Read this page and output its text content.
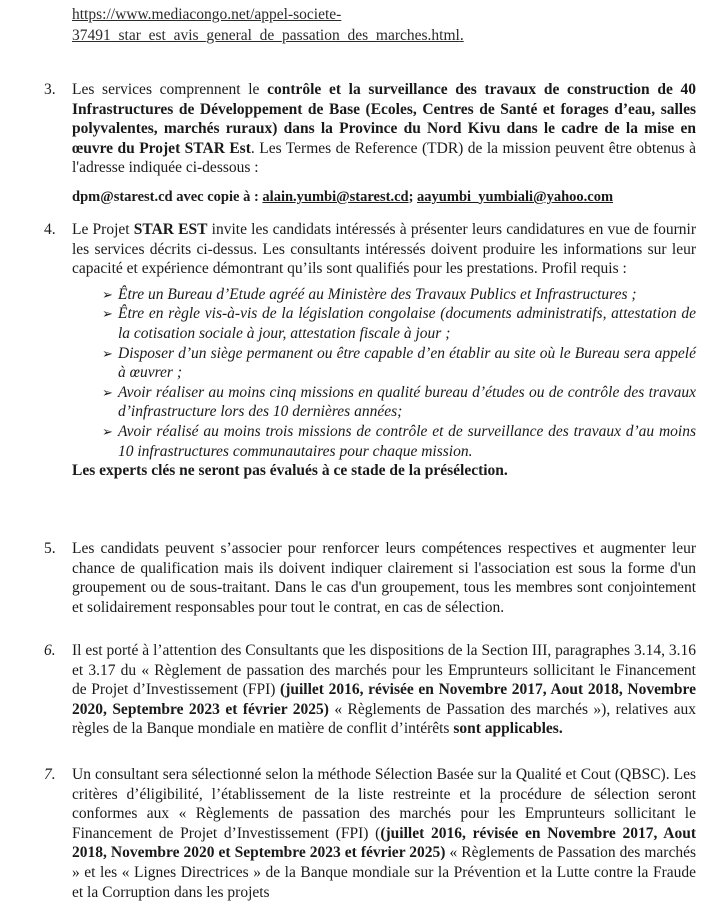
https://www.mediacongo.net/appel-societe-
37491_star_est_avis_general_de_passation_des_marches.html.
3.	Les services comprennent le contrôle et la surveillance des travaux de construction de 40 Infrastructures de Développement de Base (Ecoles, Centres de Santé et forages d’eau, salles polyvalentes, marchés ruraux) dans la Province du Nord Kivu dans le cadre de la mise en œuvre du Projet STAR Est. Les Termes de Reference (TDR) de la mission peuvent être obtenus à l'adresse indiquée ci-dessous :

dpm@starest.cd avec copie à : alain.yumbi@starest.cd; aayumbi_yumbiali@yahoo.com
4.	Le Projet STAR EST invite les candidats intéressés à présenter leurs candidatures en vue de fournir les services décrits ci-dessus. Les consultants intéressés doivent produire les informations sur leur capacité et expérience démontrant qu’ils sont qualifiés pour les prestations. Profil requis :

➢ Être un Bureau d’Etude agréé au Ministère des Travaux Publics et Infrastructures ;
➢ Être en règle vis-à-vis de la législation congolaise (documents administratifs, attestation de la cotisation sociale à jour, attestation fiscale à jour ;
➢ Disposer d’un siège permanent ou être capable d’en établir au site où le Bureau sera appelé à œuvrer ;
➢ Avoir réaliser au moins cinq missions en qualité bureau d’études ou de contrôle des travaux d’infrastructure lors des 10 dernières années;
➢ Avoir réalisé au moins trois missions de contrôle et de surveillance des travaux d’au moins 10 infrastructures communautaires pour chaque mission.

Les experts clés ne seront pas évalués à ce stade de la présélection.

5.	Les candidats peuvent s’associer pour renforcer leurs compétences respectives et augmenter leur chance de qualification mais ils doivent indiquer clairement si l'association est sous la forme d'un groupement ou de sous-traitant. Dans le cas d'un groupement, tous les membres sont conjointement et solidairement responsables pour tout le contrat, en cas de sélection.

6.	Il est porté à l’attention des Consultants que les dispositions de la Section III, paragraphes 3.14, 3.16 et 3.17 du « Règlement de passation des marchés pour les Emprunteurs sollicitant le Financement de Projet d’Investissement (FPI) (juillet 2016, révisée en Novembre 2017, Aout 2018, Novembre 2020, Septembre 2023 et février 2025) « Règlements de Passation des marchés »), relatives aux règles de la Banque mondiale en matière de conflit d’intérêts sont applicables.

7.	Un consultant sera sélectionné selon la méthode Sélection Basée sur la Qualité et Cout (QBSC). Les critères d’éligibilité, l’établissement de la liste restreinte et la procédure de sélection seront conformes aux « Règlements de passation des marchés pour les Emprunteurs sollicitant le Financement de Projet d’Investissement (FPI) ((juillet 2016, révisée en Novembre 2017, Aout 2018, Novembre 2020 et Septembre 2023 et février 2025) « Règlements de Passation des marchés » et les « Lignes Directrices » de la Banque mondiale sur la Prévention et la Lutte contre la Fraude et la Corruption dans les projets
